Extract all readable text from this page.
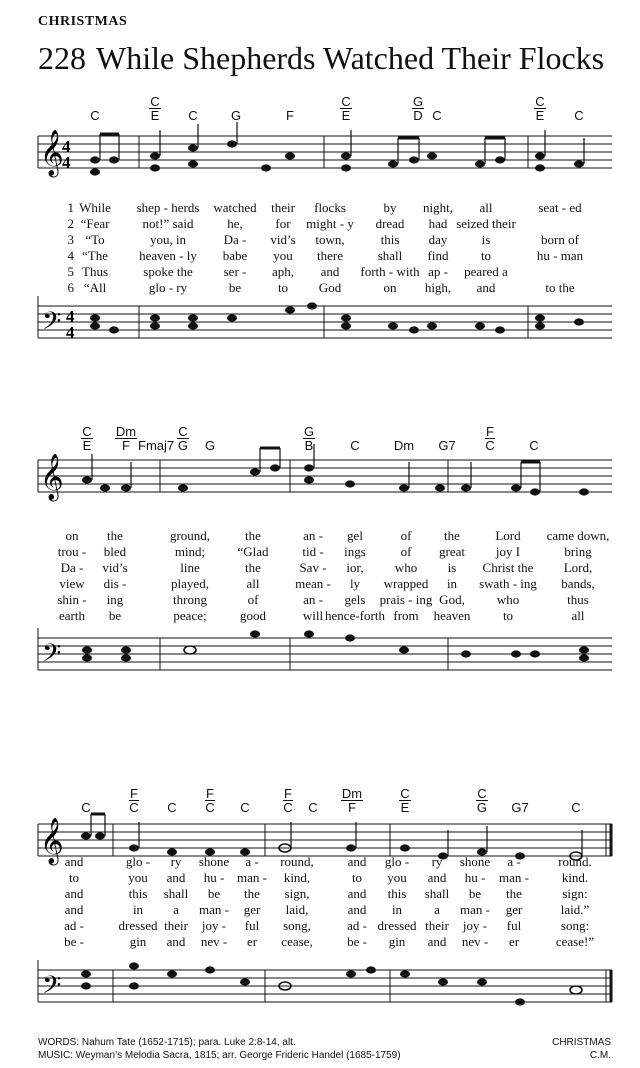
CHRISTMAS
228 While Shepherds Watched Their Flocks
C	$\frac{C}{E}$	C	G	F	$\frac{C}{E}$	$\frac{G}{D}$ C	$\frac{C}{E}$	C
𝄞
4
4
1 While shep - herds watched their flocks	by night, all	seat - ed
2 “Fear	not!” said	he,	for might - y dread had seized their
3 “To	you, in	Da - vid’s town,	this day	is	born of
4 “The heaven - ly babe you there	shall find to	hu - man
5 Thus	spoke the ser - aph, and forth - with ap - peared a
6 “All	glo - ry	be	to God	on high, and	to the
𝄢 4
4
$\frac{C}{E} \frac{Dm}{F}$ Fmaj7 $\frac{C}{G}$	G	$\frac{G}{B}$	C	Dm	G7	$\frac{F}{C}$	C
𝄞
on the	ground,	the	an - gel	of	the	Lord came down,
trou - bled	mind; “Glad	tid - ings	of great joy I	bring
Da - vid’s	line	the	Sav - ior, who is Christ the Lord,
view dis -	played,	all	mean - ly wrapped in swath - ing bands,
shin - ing	throng	of	an - gels prais - ing God, who	thus
earth be	peace;	good	will hence-forth from heaven	to	all
𝄢
C	$\frac{F}{C}$	C	$\frac{F}{C}$	C	$\frac{F}{C}$	C	$\frac{Dm}{F}$	$\frac{C}{E}$	$\frac{C}{G}$	G7	C
𝄞 and	glo - ry shone a - round,	and glo - ry shone a -	round.
to	you and hu - man - kind,	to you and hu - man -	kind.
and	this shall be the sign,	and this shall be the	sign:
and	in a man - ger laid,	and in a man - ger	laid.”
ad -	dressed their joy - ful song,	ad - dressed their joy - ful	song:
be -	gin and nev - er cease,	be - gin and nev - er	cease!”
𝄢
WORDS: Nahum Tate (1652-1715); para. Luke 2:8-14, alt.
MUSIC: Weyman’s Melodia Sacra, 1815; arr. George Frideric Handel (1685-1759)
CHRISTMAS
C.M.
